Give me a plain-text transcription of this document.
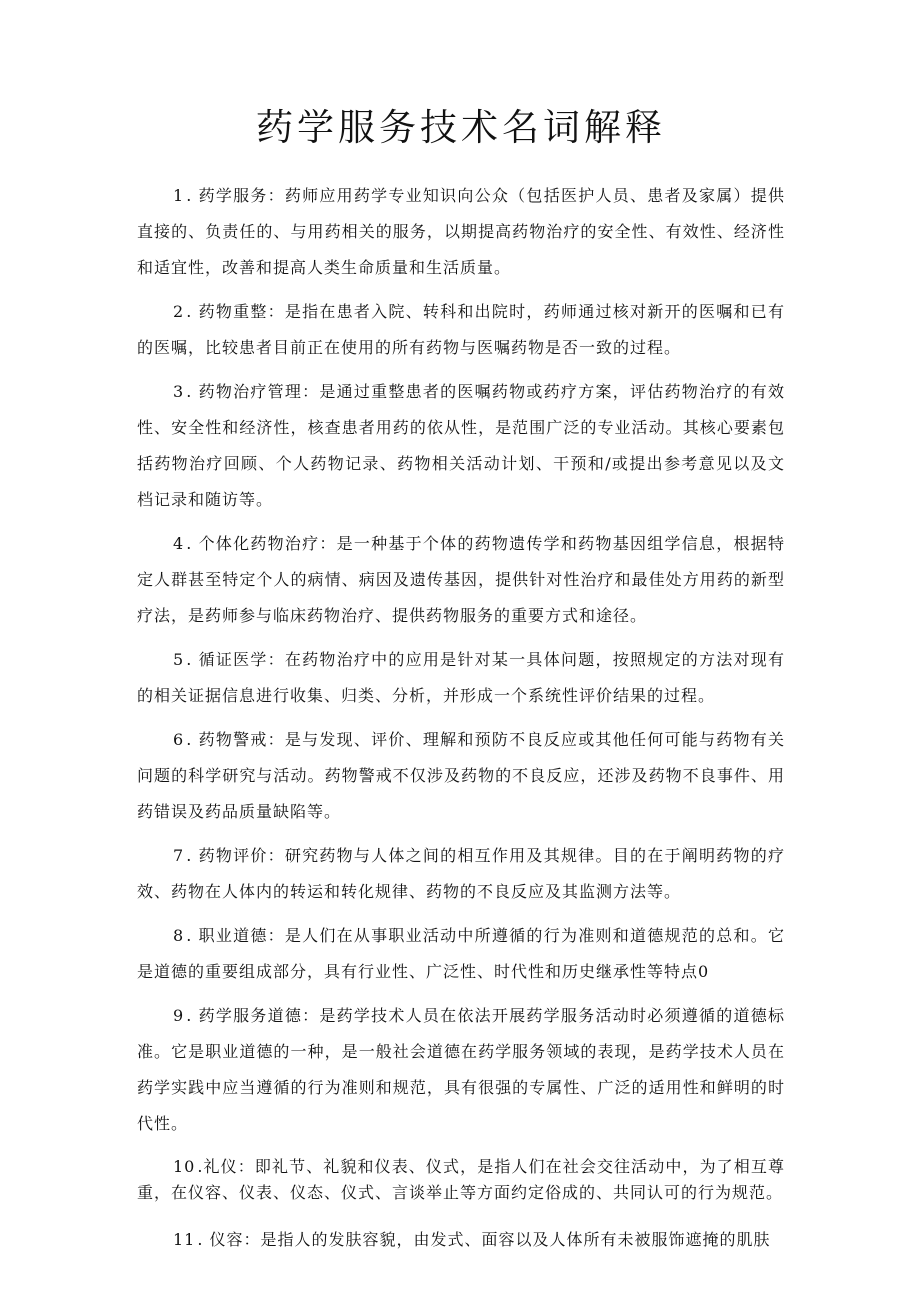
药学服务技术名词解释

1 . 药学服务：药师应用药学专业知识向公众（包括医护人员、患者及家属）提供直接的、负责任的、与用药相关的服务，以期提高药物治疗的安全性、有效性、经济性和适宜性，改善和提高人类生命质量和生活质量。

2 . 药物重整：是指在患者入院、转科和出院时，药师通过核对新开的医嘱和已有的医嘱，比较患者目前正在使用的所有药物与医嘱药物是否一致的过程。

3 . 药物治疗管理：是通过重整患者的医嘱药物或药疗方案，评估药物治疗的有效性、安全性和经济性，核查患者用药的依从性，是范围广泛的专业活动。其核心要素包括药物治疗回顾、个人药物记录、药物相关活动计划、干预和/或提出参考意见以及文档记录和随访等。

4 . 个体化药物治疗：是一种基于个体的药物遗传学和药物基因组学信息，根据特定人群甚至特定个人的病情、病因及遗传基因，提供针对性治疗和最佳处方用药的新型疗法，是药师参与临床药物治疗、提供药物服务的重要方式和途径。

5 . 循证医学：在药物治疗中的应用是针对某一具体问题，按照规定的方法对现有的相关证据信息进行收集、归类、分析，并形成一个系统性评价结果的过程。

6 . 药物警戒：是与发现、评价、理解和预防不良反应或其他任何可能与药物有关问题的科学研究与活动。药物警戒不仅涉及药物的不良反应，还涉及药物不良事件、用药错误及药品质量缺陷等。

7 . 药物评价：研究药物与人体之间的相互作用及其规律。目的在于阐明药物的疗效、药物在人体内的转运和转化规律、药物的不良反应及其监测方法等。

8 . 职业道德：是人们在从事职业活动中所遵循的行为准则和道德规范的总和。它是道德的重要组成部分，具有行业性、广泛性、时代性和历史继承性等特点0

9 . 药学服务道德：是药学技术人员在依法开展药学服务活动时必须遵循的道德标准。它是职业道德的一种，是一般社会道德在药学服务领域的表现，是药学技术人员在药学实践中应当遵循的行为准则和规范，具有很强的专属性、广泛的适用性和鲜明的时代性。

10 .礼仪：即礼节、礼貌和仪表、仪式，是指人们在社会交往活动中，为了相互尊重，在仪容、仪表、仪态、仪式、言谈举止等方面约定俗成的、共同认可的行为规范。

11 . 仪容：是指人的发肤容貌，由发式、面容以及人体所有未被服饰遮掩的肌肤
